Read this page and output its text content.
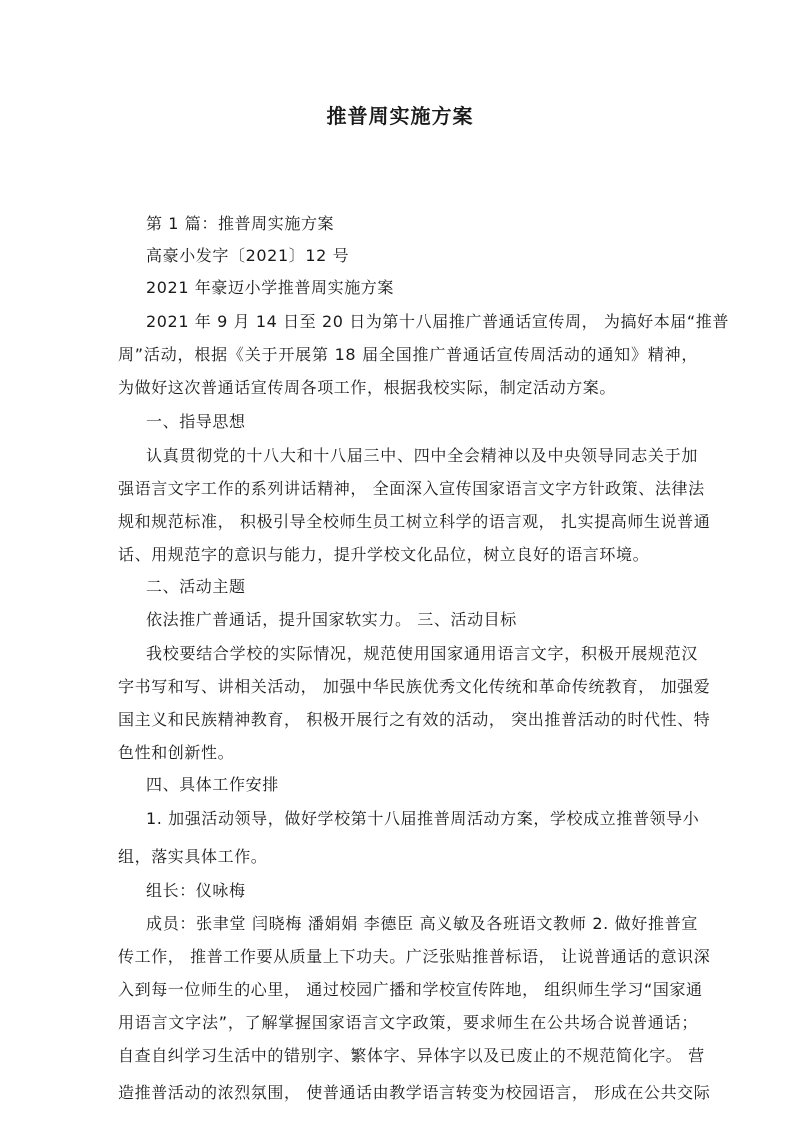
推普周实施方案
第 1 篇：推普周实施方案
高豪小发字〔2021〕12 号
2021 年豪迈小学推普周实施方案
2021 年 9 月 14 日至 20 日为第十八届推广普通话宣传周， 为搞好本届“推普
周”活动，根据《关于开展第 18 届全国推广普通话宣传周活动的通知》精神，
为做好这次普通话宣传周各项工作，根据我校实际，制定活动方案。
一、指导思想
认真贯彻党的十八大和十八届三中、四中全会精神以及中央领导同志关于加
强语言文字工作的系列讲话精神， 全面深入宣传国家语言文字方针政策、法律法
规和规范标准， 积极引导全校师生员工树立科学的语言观， 扎实提高师生说普通
话、用规范字的意识与能力，提升学校文化品位，树立良好的语言环境。
二、活动主题
依法推广普通话，提升国家软实力。 三、活动目标
我校要结合学校的实际情况，规范使用国家通用语言文字，积极开展规范汉
字书写和写、讲相关活动， 加强中华民族优秀文化传统和革命传统教育， 加强爱
国主义和民族精神教育， 积极开展行之有效的活动， 突出推普活动的时代性、特
色性和创新性。
四、具体工作安排
1. 加强活动领导，做好学校第十八届推普周活动方案，学校成立推普领导小
组，落实具体工作。
组长：仪咏梅
成员：张聿堂 闫晓梅 潘娟娟 李德臣 高义敏及各班语文教师 2. 做好推普宣
传工作， 推普工作要从质量上下功夫。广泛张贴推普标语， 让说普通话的意识深
入到每一位师生的心里， 通过校园广播和学校宣传阵地， 组织师生学习“国家通
用语言文字法”，了解掌握国家语言文字政策，要求师生在公共场合说普通话；
自查自纠学习生活中的错别字、繁体字、异体字以及已废止的不规范简化字。 营
造推普活动的浓烈氛围， 使普通话由教学语言转变为校园语言， 形成在公共交际
